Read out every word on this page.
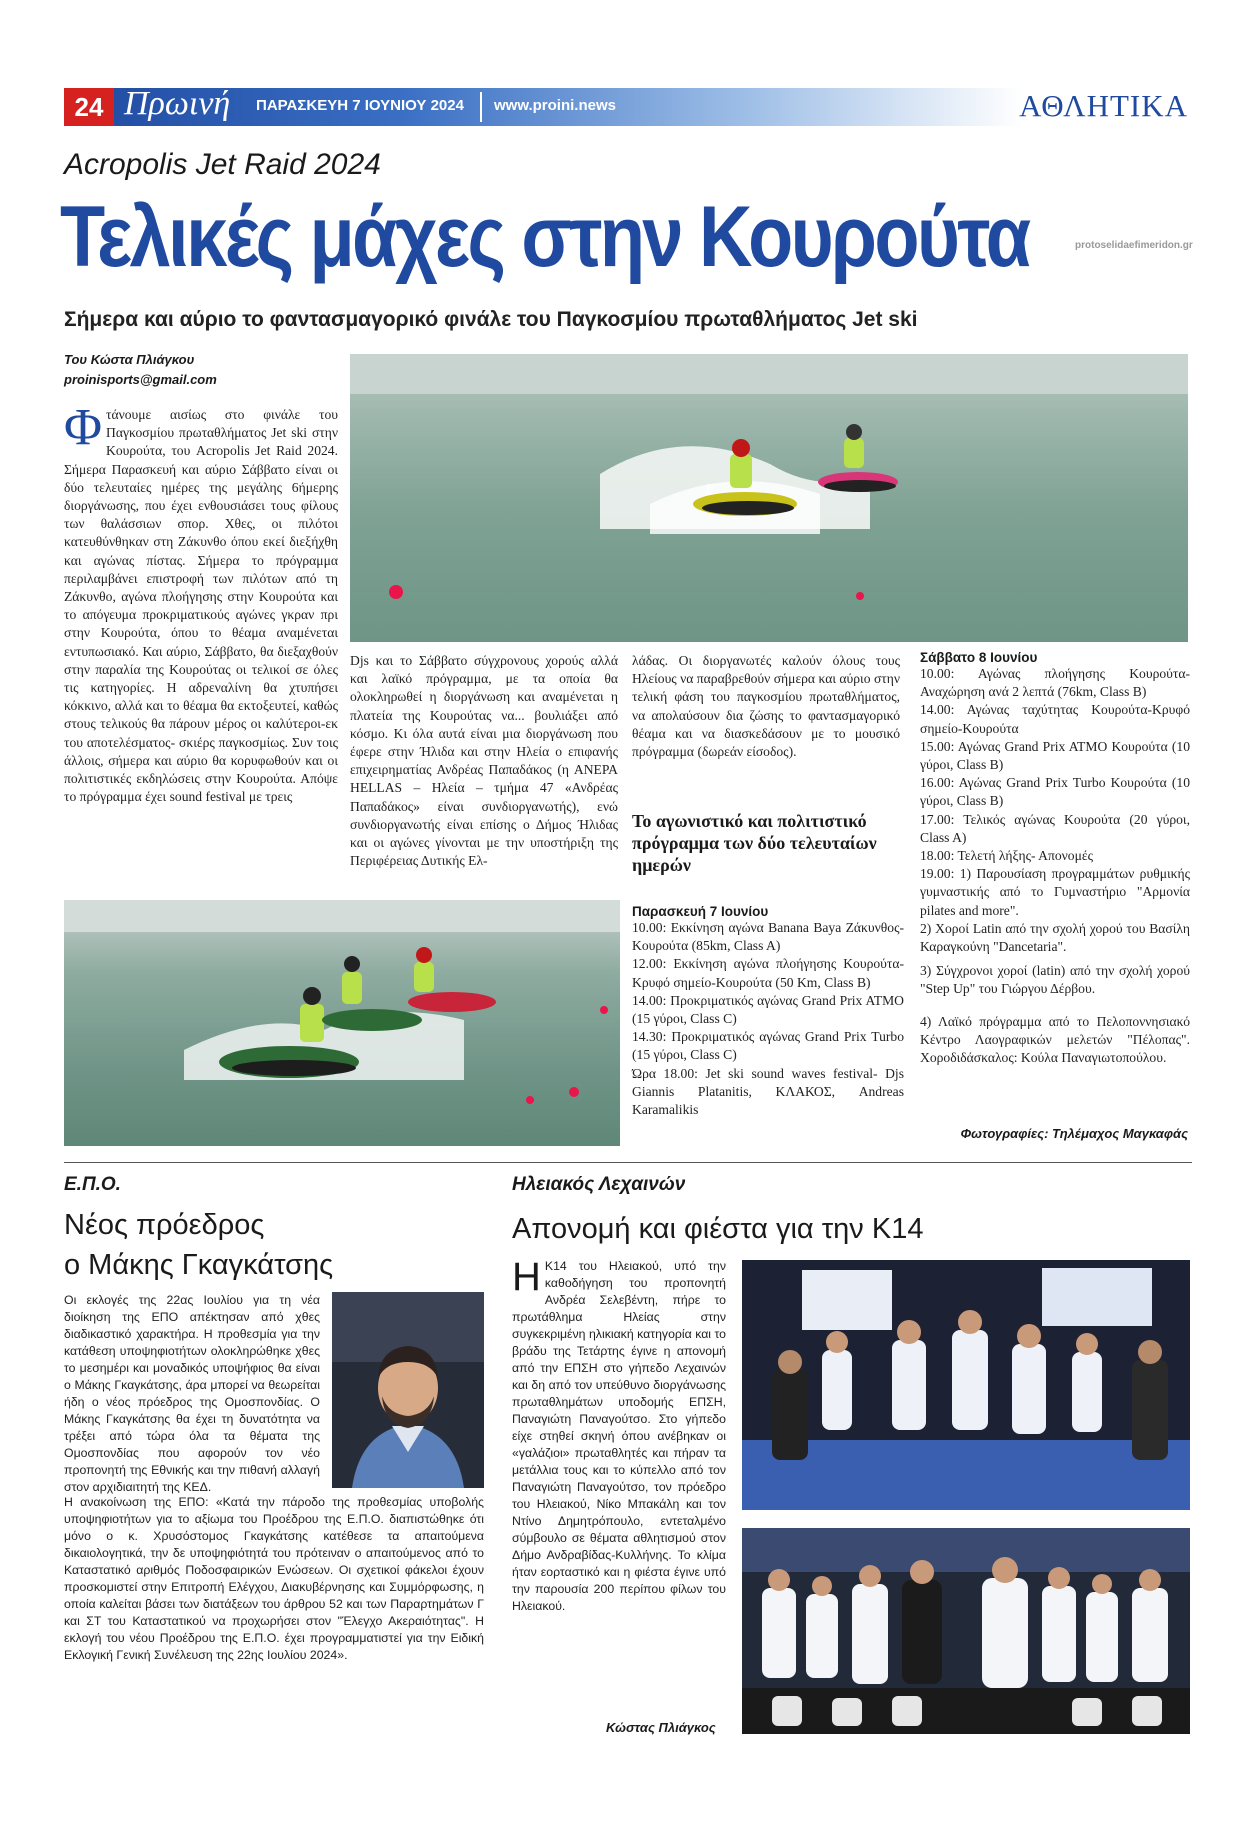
24 Πρωινή ΠΑΡΑΣΚΕΥΗ 7 ΙΟΥΝΙΟΥ 2024 www.proini.news	ΑΘΛΗΤΙΚΑ
Acropolis Jet Raid 2024
Τελικές μάχες στην Κουρούτα	protoselidaefimeridon.gr
Σήμερα και αύριο το φαντασμαγορικό φινάλε του Παγκοσμίου πρωταθλήματος Jet ski
Του Κώστα Πλιάγκου
proinisports@gmail.com
Φτάνουμε αισίως στο φινάλε του Παγκοσμίου πρωταθλήματος Jet ski στην Κουρούτα, του Acropolis Jet Raid 2024. Σήμερα Παρασκευή και αύριο Σάββατο είναι οι δύο τελευταίες ημέρες της μεγάλης 6ήμερης διοργάνωσης, που έχει ενθουσιάσει τους φίλους των θαλάσσιων σπορ. Χθες, οι πιλότοι κατευθύνθηκαν στη Ζάκυνθο όπου εκεί διεξήχθη και αγώνας πίστας. Σήμερα το πρόγραμμα περιλαμβάνει επιστροφή των πιλότων από τη Ζάκυνθο, αγώνα πλοήγησης στην Κουρούτα και το απόγευμα προκριματικούς αγώνες γκραν πρι στην Κουρούτα, όπου το θέαμα αναμένεται εντυπωσιακό. Και αύριο, Σάββατο, θα διεξαχθούν στην παραλία της Κουρούτας οι τελικοί σε όλες τις κατηγορίες. Η αδρεναλίνη θα χτυπήσει κόκκινο, αλλά και το θέαμα θα εκτοξευτεί, καθώς στους τελικούς θα πάρουν μέρος οι καλύτεροι-εκ του αποτελέσματος- σκιέρς παγκοσμίως. Συν τοις άλλοις, σήμερα και αύριο θα κορυφωθούν και οι πολιτιστικές εκδηλώσεις στην Κουρούτα. Απόψε το πρόγραμμα έχει sound festival με τρεις
Djs και το Σάββατο σύγχρονους χορούς αλλά και λαϊκό πρόγραμμα, με τα οποία θα ολοκληρωθεί η διοργάνωση και αναμένεται η πλατεία της Κουρούτας να... βουλιάξει από κόσμο. Κι όλα αυτά είναι μια διοργάνωση που έφερε στην Ήλιδα και στην Ηλεία ο επιφανής επιχειρηματίας Ανδρέας Παπαδάκος (η ΑΝΕΡΑ HELLAS – Ηλεία – τμήμα 47 «Ανδρέας Παπαδάκος» είναι συνδιοργανωτής), ενώ συνδιοργανωτής είναι επίσης ο Δήμος Ήλιδας και οι αγώνες γίνονται με την υποστήριξη της Περιφέρειας Δυτικής Ελ-
λάδας. Οι διοργανωτές καλούν όλους τους Ηλείους να παραβρεθούν σήμερα και αύριο στην τελική φάση του παγκοσμίου πρωταθλήματος, να απολαύσουν δια ζώσης το φαντασμαγορικό θέαμα και να διασκεδάσουν με το μουσικό πρόγραμμα (δωρεάν είσοδος).
Το αγωνιστικό και πολιτιστικό πρόγραμμα των δύο τελευταίων ημερών
Παρασκευή 7 Ιουνίου
10.00: Εκκίνηση αγώνα Banana Baya Ζάκυνθος- Κουρούτα (85km, Class A)
12.00: Εκκίνηση αγώνα πλοήγησης Κουρούτα-Κρυφό σημείο-Κουρούτα (50 Km, Class B)
14.00: Προκριματικός αγώνας Grand Prix ATMO (15 γύροι, Class C)
14.30: Προκριματικός αγώνας Grand Prix Turbo (15 γύροι, Class C)
Ώρα 18.00: Jet ski sound waves festival- Djs Giannis Platanitis, ΚΛΑΚΟΣ, Andreas Karamalikis
Σάββατο 8 Ιουνίου
10.00: Αγώνας πλοήγησης Κουρούτα-Αναχώρηση ανά 2 λεπτά (76km, Class B)
14.00: Αγώνας ταχύτητας Κουρούτα-Κρυφό σημείο-Κουρούτα
15.00: Αγώνας Grand Prix ATMO Κουρούτα (10 γύροι, Class B)
16.00: Αγώνας Grand Prix Turbo Κουρούτα (10 γύροι, Class B)
17.00: Τελικός αγώνας Κουρούτα (20 γύροι, Class A)
18.00: Τελετή λήξης- Απονομές
19.00: 1) Παρουσίαση προγραμμάτων ρυθμικής γυμναστικής από το Γυμναστήριο "Αρμονία pilates and more".
2) Χοροί Latin από την σχολή χορού του Βασίλη Καραγκούνη "Dancetaria".
3) Σύγχρονοι χοροί (latin) από την σχολή χορού "Step Up" του Γιώργου Δέρβου.
4) Λαϊκό πρόγραμμα από το Πελοποννησιακό Κέντρο Λαογραφικών μελετών "Πέλοπας". Χοροδιδάσκαλος: Κούλα Παναγιωτοπούλου.
Φωτογραφίες: Τηλέμαχος Μαγκαφάς
Ε.Π.Ο.
Νέος πρόεδρος
ο Μάκης Γκαγκάτσης
Οι εκλογές της 22ας Ιουλίου για τη νέα διοίκηση της ΕΠΟ απέκτησαν από χθες διαδικαστικό χαρακτήρα. Η προθεσμία για την κατάθεση υποψηφιοτήτων ολοκληρώθηκε χθες το μεσημέρι και μοναδικός υποψήφιος θα είναι ο Μάκης Γκαγκάτσης, άρα μπορεί να θεωρείται ήδη ο νέος πρόεδρος της Ομοσπονδίας. Ο Μάκης Γκαγκάτσης θα έχει τη δυνατότητα να τρέξει από τώρα όλα τα θέματα της Ομοσπονδίας που αφορούν τον νέο προπονητή της Εθνικής και την πιθανή αλλαγή στον αρχιδιαιτητή της ΚΕΔ.
Η ανακοίνωση της ΕΠΟ: «Κατά την πάροδο της προθεσμίας υποβολής υποψηφιοτήτων για το αξίωμα του Προέδρου της Ε.Π.Ο. διαπιστώθηκε ότι μόνο ο κ. Χρυσόστομος Γκαγκάτσης κατέθεσε τα απαιτούμενα δικαιολογητικά, την δε υποψηφιότητά του πρότειναν ο απαιτούμενος από το Καταστατικό αριθμός Ποδοσφαιρικών Ενώσεων. Οι σχετικοί φάκελοι έχουν προσκομιστεί στην Επιτροπή Ελέγχου, Διακυβέρνησης και Συμμόρφωσης, η οποία καλείται βάσει των διατάξεων του άρθρου 52 και των Παραρτημάτων Γ και ΣΤ του Καταστατικού να προχωρήσει στον "Έλεγχο Ακεραιότητας". Η εκλογή του νέου Προέδρου της Ε.Π.Ο. έχει προγραμματιστεί για την Ειδική Εκλογική Γενική Συνέλευση της 22ης Ιουλίου 2024».
Ηλειακός Λεχαινών
Απονομή και φιέστα για την Κ14
Η Κ14 του Ηλειακού, υπό την καθοδήγηση του προπονητή Ανδρέα Σελεβέντη, πήρε το πρωτάθλημα Ηλείας στην συγκεκριμένη ηλικιακή κατηγορία και το βράδυ της Τετάρτης έγινε η απονομή από την ΕΠΣΗ στο γήπεδο Λεχαινών και δη από τον υπεύθυνο διοργάνωσης πρωταθλημάτων υποδομής ΕΠΣΗ, Παναγιώτη Παναγούτσο. Στο γήπεδο είχε στηθεί σκηνή όπου ανέβηκαν οι «γαλάζιοι» πρωταθλητές και πήραν τα μετάλλια τους και το κύπελλο από τον Παναγιώτη Παναγούτσο, τον πρόεδρο του Ηλειακού, Νίκο Μπακάλη και τον Ντίνο Δημητρόπουλο, εντεταλμένο σύμβουλο σε θέματα αθλητισμού στον Δήμο Ανδραβίδας-Κυλλήνης. Το κλίμα ήταν εορταστικό και η φιέστα έγινε υπό την παρουσία 200 περίπου φίλων του Ηλειακού.
Κώστας Πλιάγκος
